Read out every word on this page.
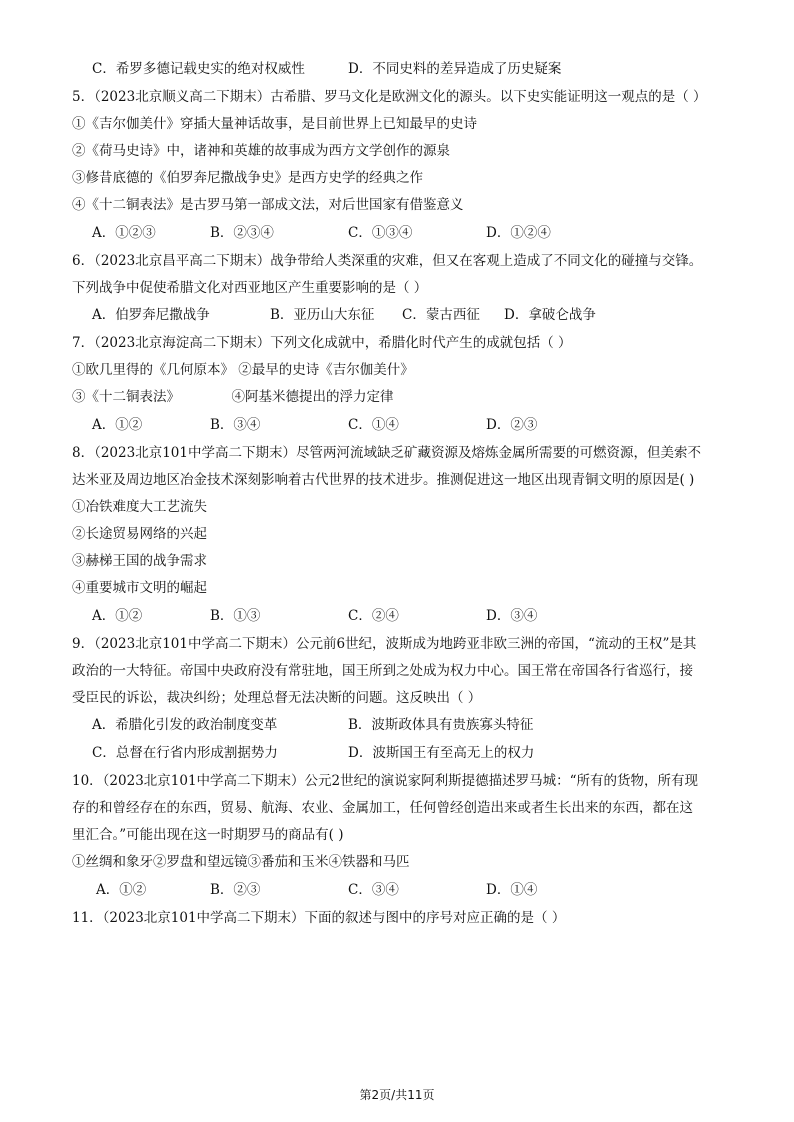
C．希罗多德记载史实的绝对权威性	D．不同史料的差异造成了历史疑案
5．（2023北京顺义高二下期末）古希腊、罗马文化是欧洲文化的源头。以下史实能证明这一观点的是（ ）
①《吉尔伽美什》穿插大量神话故事，是目前世界上已知最早的史诗
②《荷马史诗》中，诸神和英雄的故事成为西方文学创作的源泉
③修昔底德的《伯罗奔尼撒战争史》是西方史学的经典之作
④《十二铜表法》是古罗马第一部成文法，对后世国家有借鉴意义
A．①②③	B．②③④	C．①③④	D．①②④
6．（2023北京昌平高二下期末）战争带给人类深重的灾难，但又在客观上造成了不同文化的碰撞与交锋。
下列战争中促使希腊文化对西亚地区产生重要影响的是（ ）
A．伯罗奔尼撒战争	B．亚历山大东征 C．蒙古西征 D．拿破仑战争
7．（2023北京海淀高二下期末）下列文化成就中，希腊化时代产生的成就包括（ ）
①欧几里得的《几何原本》 ②最早的史诗《吉尔伽美什》
③《十二铜表法》            ④阿基米德提出的浮力定律
A．①②	B．③④	C．①④	D．②③
8．（2023北京101中学高二下期末）尽管两河流域缺乏矿藏资源及熔炼金属所需要的可燃资源，但美索不
达米亚及周边地区冶金技术深刻影响着古代世界的技术进步。推测促进这一地区出现青铜文明的原因是( )
①冶铁难度大工艺流失
②长途贸易网络的兴起
③赫梯王国的战争需求
④重要城市文明的崛起
A．①②	B．①③	C．②④	D．③④
9．（2023北京101中学高二下期末）公元前6世纪，波斯成为地跨亚非欧三洲的帝国，“流动的王权”是其
政治的一大特征。帝国中央政府没有常驻地，国王所到之处成为权力中心。国王常在帝国各行省巡行，接
受臣民的诉讼，裁决纠纷；处理总督无法决断的问题。这反映出（ ）
A．希腊化引发的政治制度变革	B．波斯政体具有贵族寡头特征
C．总督在行省内形成割据势力	D．波斯国王有至高无上的权力
10．（2023北京101中学高二下期末）公元2世纪的演说家阿利斯提德描述罗马城：“所有的货物，所有现
存的和曾经存在的东西，贸易、航海、农业、金属加工，任何曾经创造出来或者生长出来的东西，都在这
里汇合。”可能出现在这一时期罗马的商品有( )
①丝绸和象牙②罗盘和望远镜③番茄和玉米④铁器和马匹
A．①②	B．②③	C．③④	D．①④
11．（2023北京101中学高二下期末）下面的叙述与图中的序号对应正确的是（ ）
第2页/共11页
